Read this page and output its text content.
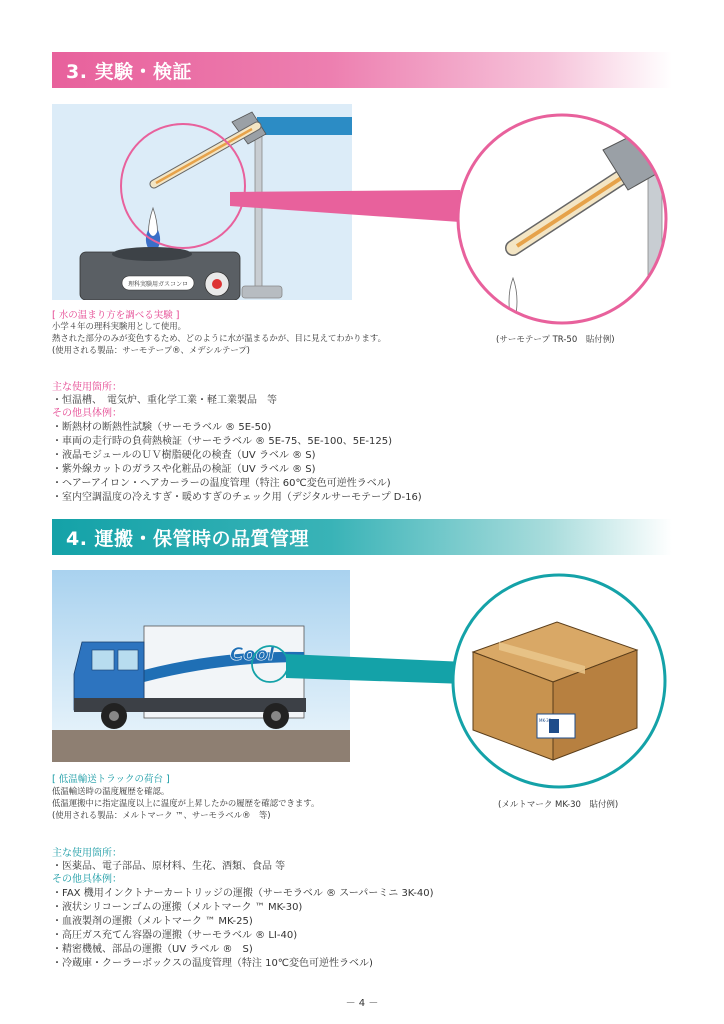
3. 実験・検証
理科実験用ガスコンロ
(サーモテープ TR-50　貼付例)
[ 水の温まり方を調べる実験 ]
小学４年の理科実験用として使用。
熱された部分のみが変色するため、どのように水が温まるかが、目に見えてわかります。
(使用される製品：サーモテープ®、メデシルテープ)
主な使用箇所：
・恒温槽、　電気炉、重化学工業・軽工業製品　等
その他具体例：
・断熱材の断熱性試験（サーモラベル ® 5E-50)
・車両の走行時の負荷熱検証（サーモラベル ® 5E-75、5E-100、5E-125)
・液晶モジュールのＵＶ樹脂硬化の検査（UV ラベル ® S)
・紫外線カットのガラスや化粧品の検証（UV ラベル ® S)
・ヘアーアイロン・ヘアカーラーの温度管理（特注 60℃変色可逆性ラベル)
・室内空調温度の冷えすぎ・暖めすぎのチェック用（デジタルサーモテープ D-16)
4. 運搬・保管時の品質管理
Cool
MK-30
(メルトマーク MK-30　貼付例)
[ 低温輸送トラックの荷台 ]
低温輸送時の温度履歴を確認。
低温運搬中に指定温度以上に温度が上昇したかの履歴を確認できます。
(使用される製品：メルトマーク ™、サーモラベル®　等)
主な使用箇所：
・医薬品、電子部品、原材料、生花、酒類、食品 等
その他具体例：
・FAX 機用インクトナーカートリッジの運搬（サーモラベル ® スーパーミニ 3K-40)
・液状シリコーンゴムの運搬（メルトマーク ™ MK-30)
・血液製剤の運搬（メルトマーク ™ MK-25)
・高圧ガス充てん容器の運搬（サーモラベル ® LI-40)
・精密機械、部品の運搬（UV ラベル ®　S)
・冷蔵庫・クーラーボックスの温度管理（特注 10℃変色可逆性ラベル)
－ 4 －
